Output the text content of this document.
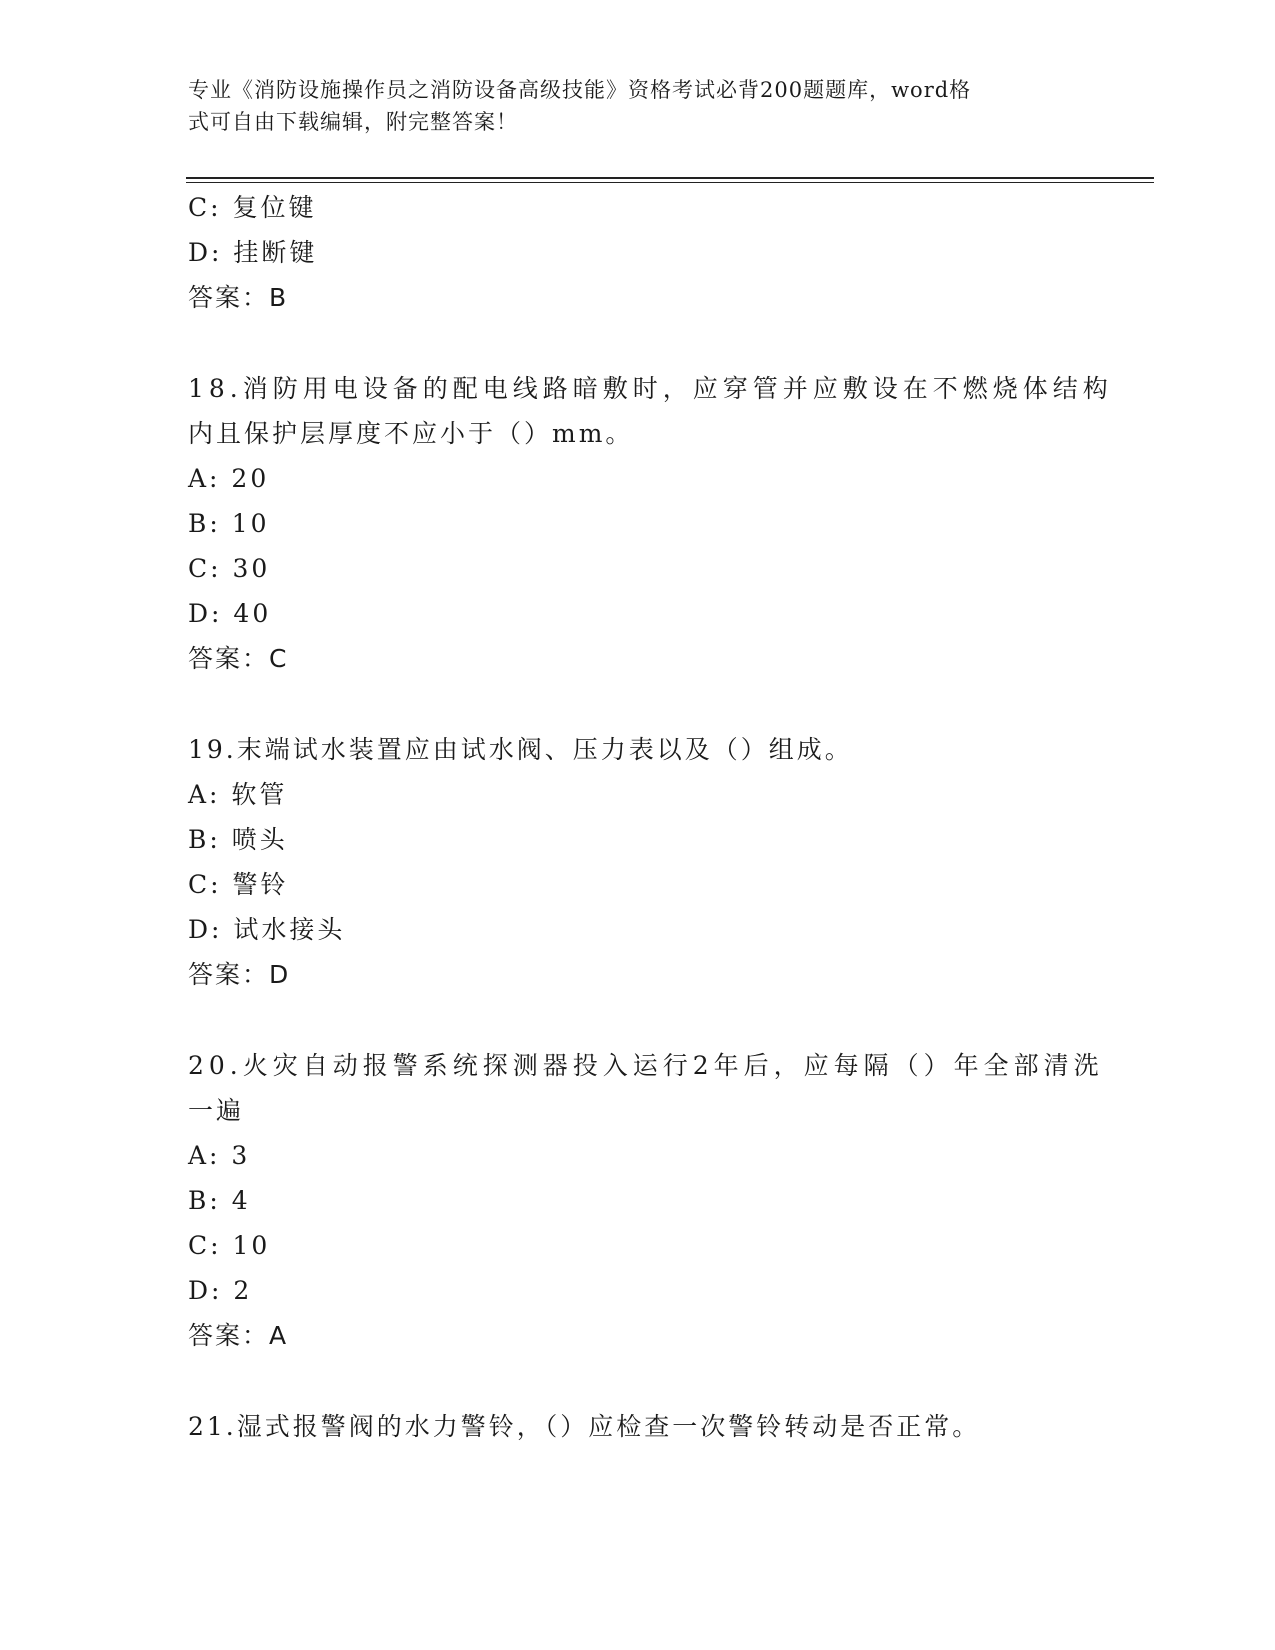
专业《消防设施操作员之消防设备高级技能》资格考试必背200题题库，word格
式可自由下载编辑，附完整答案！
C: 复位键
D: 挂断键
答案：B
18.消防用电设备的配电线路暗敷时，应穿管并应敷设在不燃烧体结构
内且保护层厚度不应小于（）mm。
A: 20
B: 10
C: 30
D: 40
答案：C
19.末端试水装置应由试水阀、压力表以及（）组成。
A: 软管
B: 喷头
C: 警铃
D: 试水接头
答案：D
20.火灾自动报警系统探测器投入运行2年后，应每隔（）年全部清洗
一遍
A: 3
B: 4
C: 10
D: 2
答案：A
21.湿式报警阀的水力警铃，（）应检查一次警铃转动是否正常。
